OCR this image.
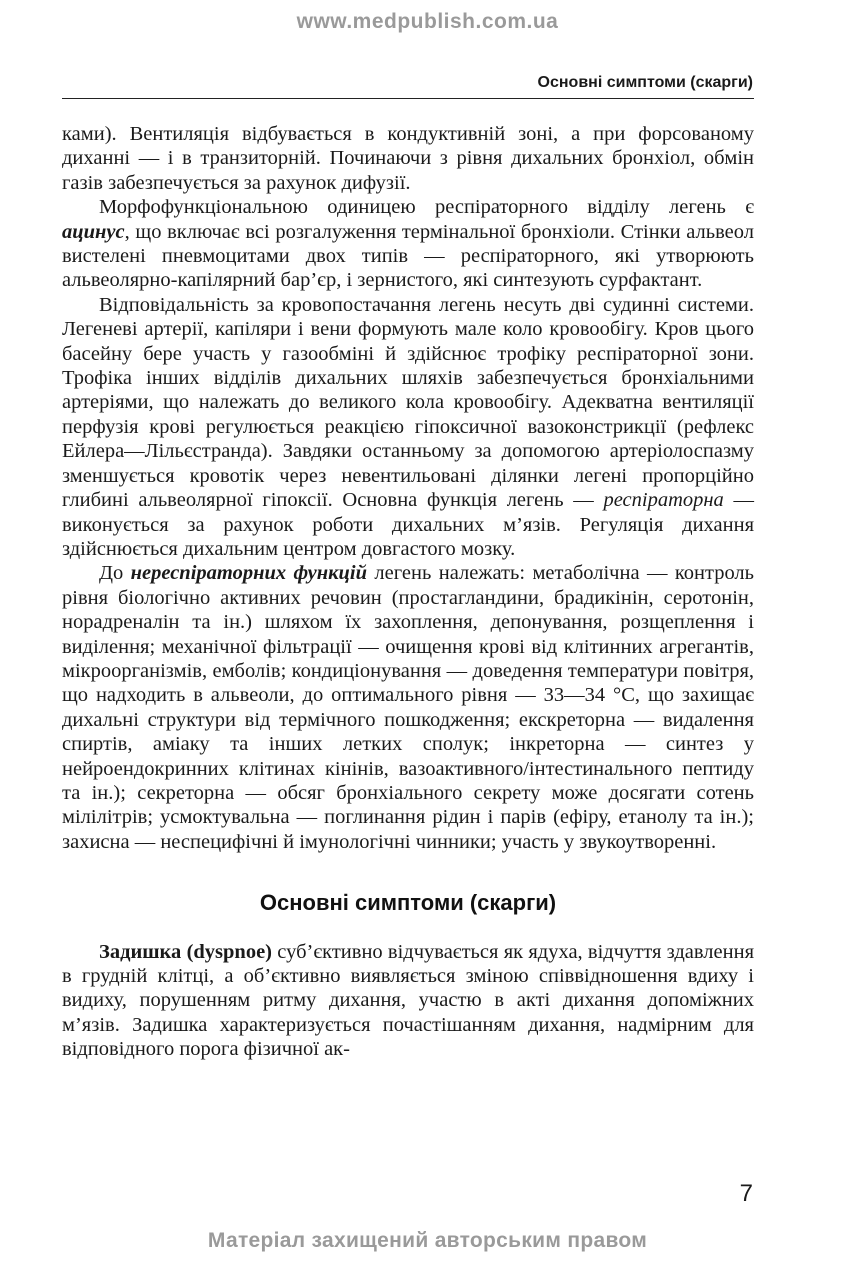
www.medpublish.com.ua
Основні симптоми (скарги)

ками). Вентиляція відбувається в кондуктивній зоні, а при форсованому диханні — і в транзиторній. Починаючи з рівня дихальних бронхіол, обмін газів забезпечується за рахунок дифузії.

Морфофункціональною одиницею респіраторного відділу легень є ацинус, що включає всі розгалуження термінальної бронхіоли. Стінки альвеол вистелені пневмоцитами двох типів — респіраторного, які утворюють альвеолярно-капілярний бар’єр, і зернистого, які синтезують сурфактант.

Відповідальність за кровопостачання легень несуть дві судинні системи. Легеневі артерії, капіляри і вени формують мале коло кровообігу. Кров цього басейну бере участь у газообміні й здійснює трофіку респіраторної зони. Трофіка інших відділів дихальних шляхів забезпечується бронхіальними артеріями, що належать до великого кола кровообігу. Адекватна вентиляції перфузія крові регулюється реакцією гіпоксичної вазоконстрикції (рефлекс Ейлера—Лільєстранда). Завдяки останньому за допомогою артеріолоспазму зменшується кровотік через невентильовані ділянки легені пропорційно глибині альвеолярної гіпоксії. Основна функція легень — респіраторна — виконується за рахунок роботи дихальних м’язів. Регуляція дихання здійснюється дихальним центром довгастого мозку.

До нереспіраторних функцій легень належать: метаболічна — контроль рівня біологічно активних речовин (простагландини, брадикінін, серотонін, норадреналін та ін.) шляхом їх захоплення, депонування, розщеплення і виділення; механічної фільтрації — очищення крові від клітинних агрегантів, мікроорганізмів, емболів; кондиціонування — доведення температури повітря, що надходить в альвеоли, до оптимального рівня — 33—34 °С, що захищає дихальні структури від термічного пошкодження; екскреторна — видалення спиртів, аміаку та інших летких сполук; інкреторна — синтез у нейроендокринних клітинах кінінів, вазоактивного/інтестинального пептиду та ін.); секреторна — обсяг бронхіального секрету може досягати сотень мілілітрів; усмоктувальна — поглинання рідин і парів (ефіру, етанолу та ін.); захисна — неспецифічні й імунологічні чинники; участь у звукоутворенні.

Основні симптоми (скарги)

Задишка (dyspnoe) суб’єктивно відчувається як ядуха, відчуття здавлення в грудній клітці, а об’єктивно виявляється зміною співвідношення вдиху і видиху, порушенням ритму дихання, участю в акті дихання допоміжних м’язів. Задишка характеризується почастішанням дихання, надмірним для відповідного порога фізичної ак-

7
Матеріал захищений авторським правом
